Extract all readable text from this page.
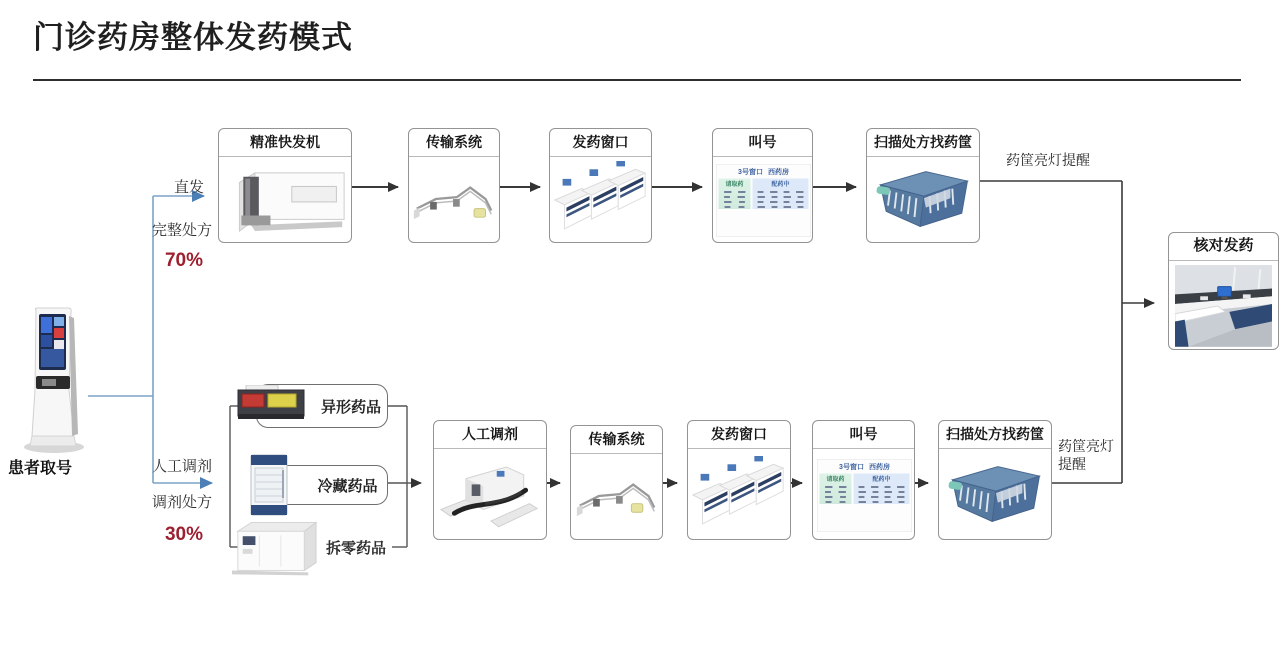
门诊药房整体发药模式
患者取号
直发
完整处方
70%
人工调剂
调剂处方
30%
精准快发机	传输系统	发药窗口	叫号
3号窗口 西药房
请取药	配药中
扫描处方找药筐
药筐亮灯提醒
药筐亮灯
提醒
核对发药
异形药品
冷藏药品
拆零药品
人工调剂	传输系统	发药窗口	叫号
3号窗口 西药房
请取药	配药中
扫描处方找药筐
